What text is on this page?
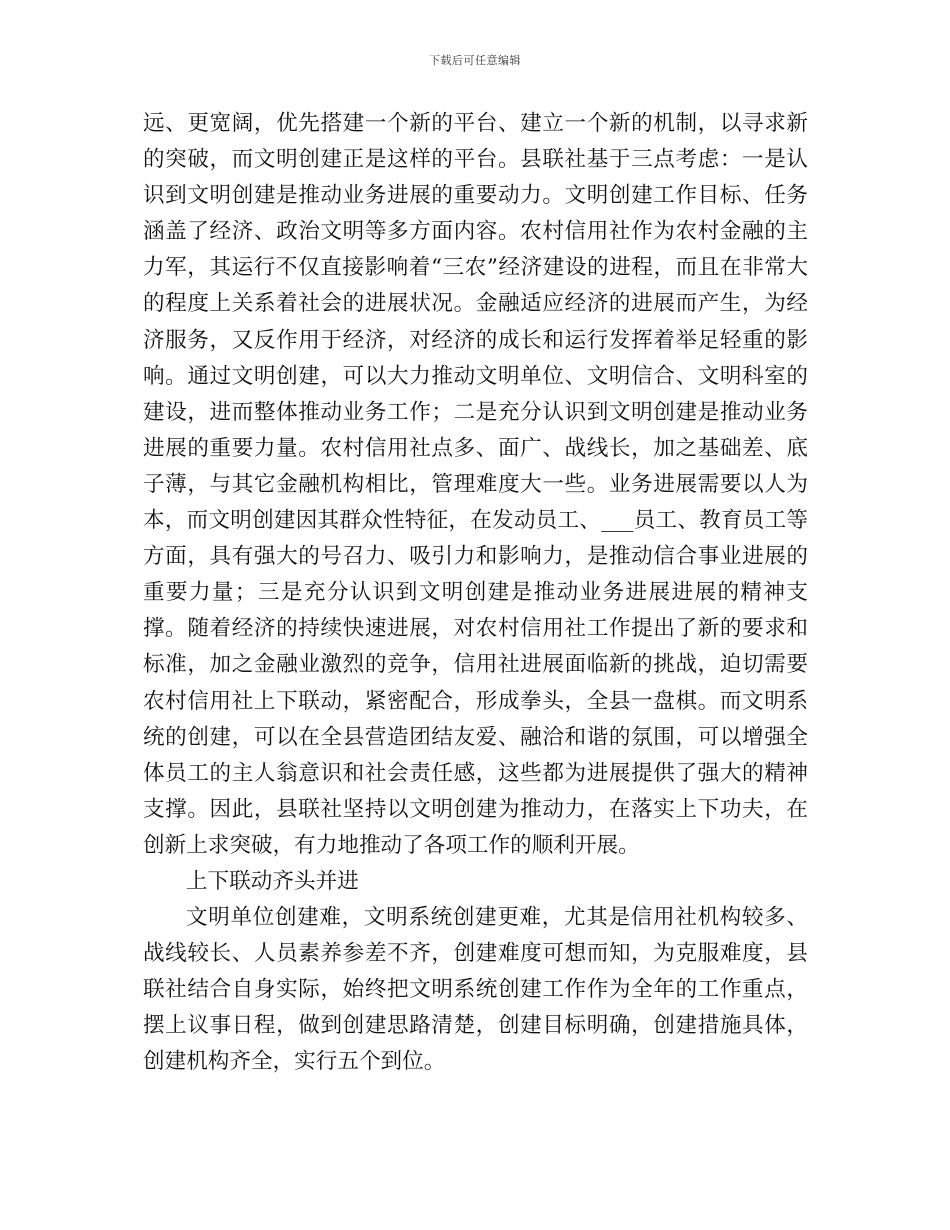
下载后可任意编辑

远、更宽阔，优先搭建一个新的平台、建立一个新的机制，以寻求新的突破，而文明创建正是这样的平台。县联社基于三点考虑：一是认识到文明创建是推动业务进展的重要动力。文明创建工作目标、任务涵盖了经济、政治文明等多方面内容。农村信用社作为农村金融的主力军，其运行不仅直接影响着“三农”经济建设的进程，而且在非常大的程度上关系着社会的进展状况。金融适应经济的进展而产生，为经济服务，又反作用于经济，对经济的成长和运行发挥着举足轻重的影响。通过文明创建，可以大力推动文明单位、文明信合、文明科室的建设，进而整体推动业务工作；二是充分认识到文明创建是推动业务进展的重要力量。农村信用社点多、面广、战线长，加之基础差、底子薄，与其它金融机构相比，管理难度大一些。业务进展需要以人为本，而文明创建因其群众性特征，在发动员工、___员工、教育员工等方面，具有强大的号召力、吸引力和影响力，是推动信合事业进展的重要力量；三是充分认识到文明创建是推动业务进展进展的精神支撑。随着经济的持续快速进展，对农村信用社工作提出了新的要求和标准，加之金融业激烈的竞争，信用社进展面临新的挑战，迫切需要农村信用社上下联动，紧密配合，形成拳头，全县一盘棋。而文明系统的创建，可以在全县营造团结友爱、融洽和谐的氛围，可以增强全体员工的主人翁意识和社会责任感，这些都为进展提供了强大的精神支撑。因此，县联社坚持以文明创建为推动力，在落实上下功夫，在创新上求突破，有力地推动了各项工作的顺利开展。

上下联动齐头并进

文明单位创建难，文明系统创建更难，尤其是信用社机构较多、战线较长、人员素养参差不齐，创建难度可想而知，为克服难度，县联社结合自身实际，始终把文明系统创建工作作为全年的工作重点，摆上议事日程，做到创建思路清楚，创建目标明确，创建措施具体，创建机构齐全，实行五个到位。
